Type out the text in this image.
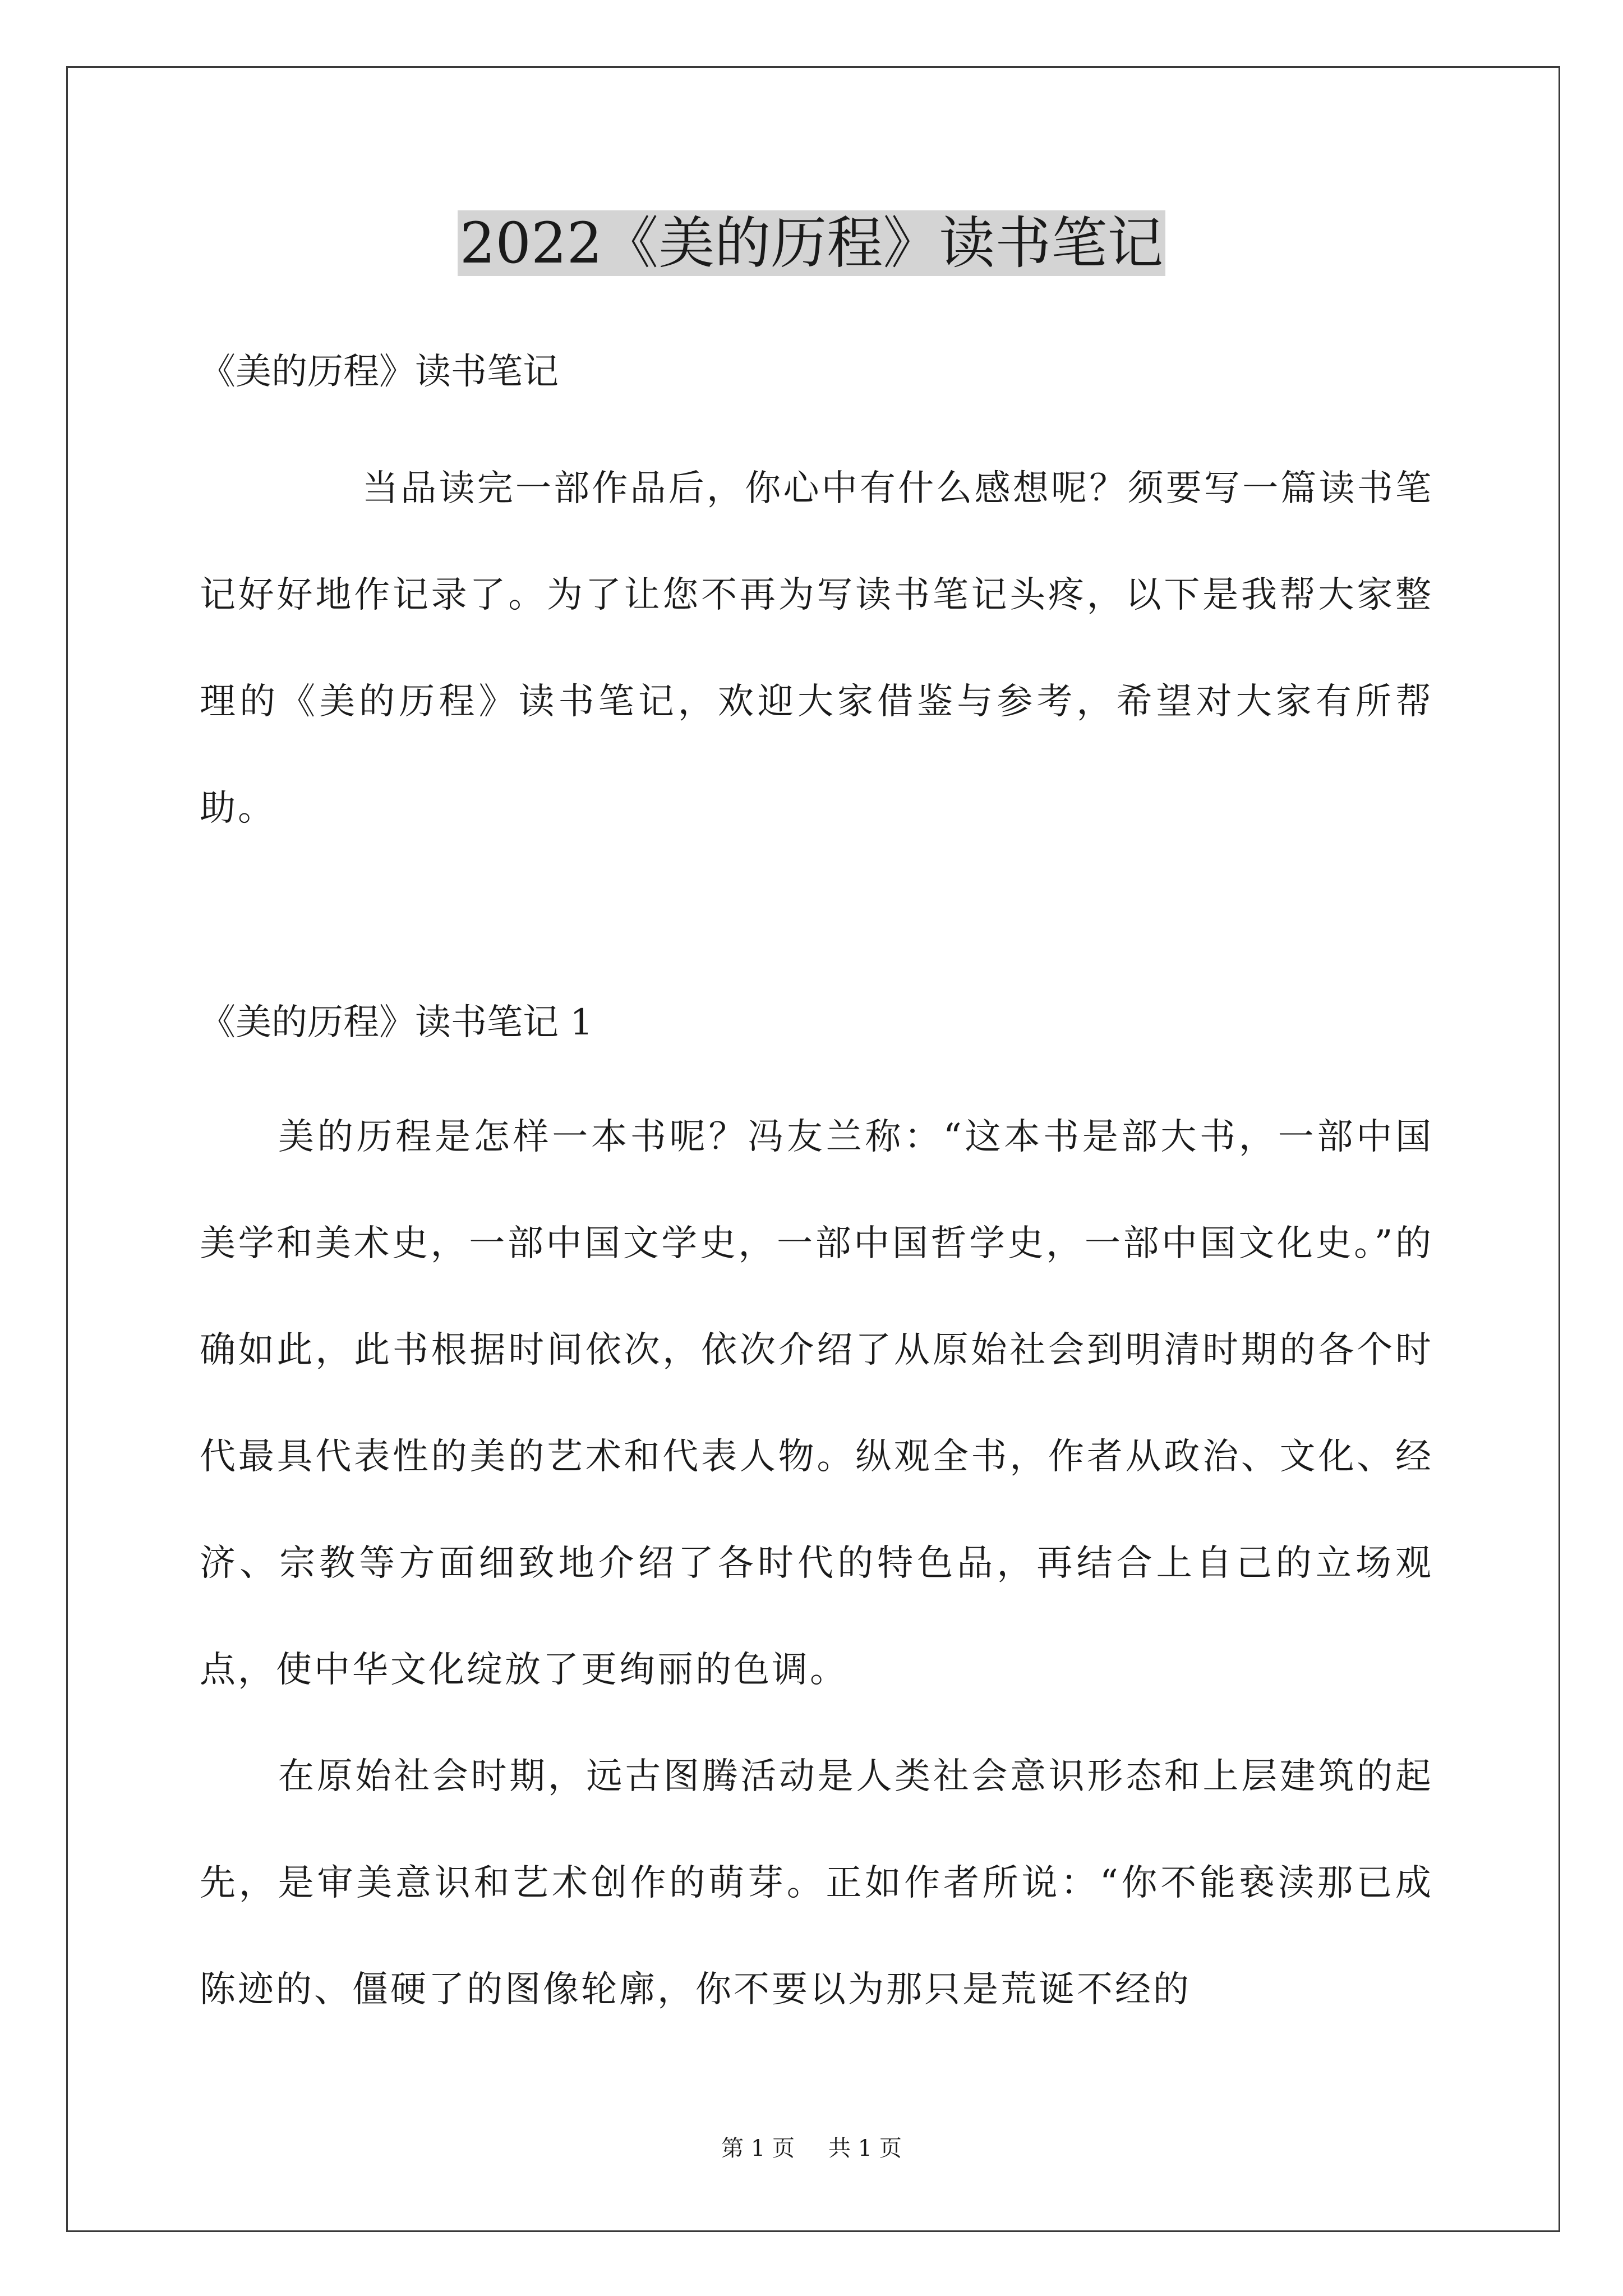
2022《美的历程》读书笔记
《美的历程》读书笔记

当品读完一部作品后，你心中有什么感想呢？须要写一篇读书笔记好好地作记录了。为了让您不再为写读书笔记头疼，以下是我帮大家整理的《美的历程》读书笔记，欢迎大家借鉴与参考，希望对大家有所帮助。

《美的历程》读书笔记 1

美的历程是怎样一本书呢？冯友兰称：“这本书是部大书，一部中国美学和美术史，一部中国文学史，一部中国哲学史，一部中国文化史。”的确如此，此书根据时间依次，依次介绍了从原始社会到明清时期的各个时代最具代表性的美的艺术和代表人物。纵观全书，作者从政治、文化、经济、宗教等方面细致地介绍了各时代的特色品，再结合上自己的立场观点，使中华文化绽放了更绚丽的色调。

在原始社会时期，远古图腾活动是人类社会意识形态和上层建筑的起先，是审美意识和艺术创作的萌芽。正如作者所说：“你不能亵渎那已成陈迹的、僵硬了的图像轮廓，你不要以为那只是荒诞不经的

第 1 页 共 1 页
